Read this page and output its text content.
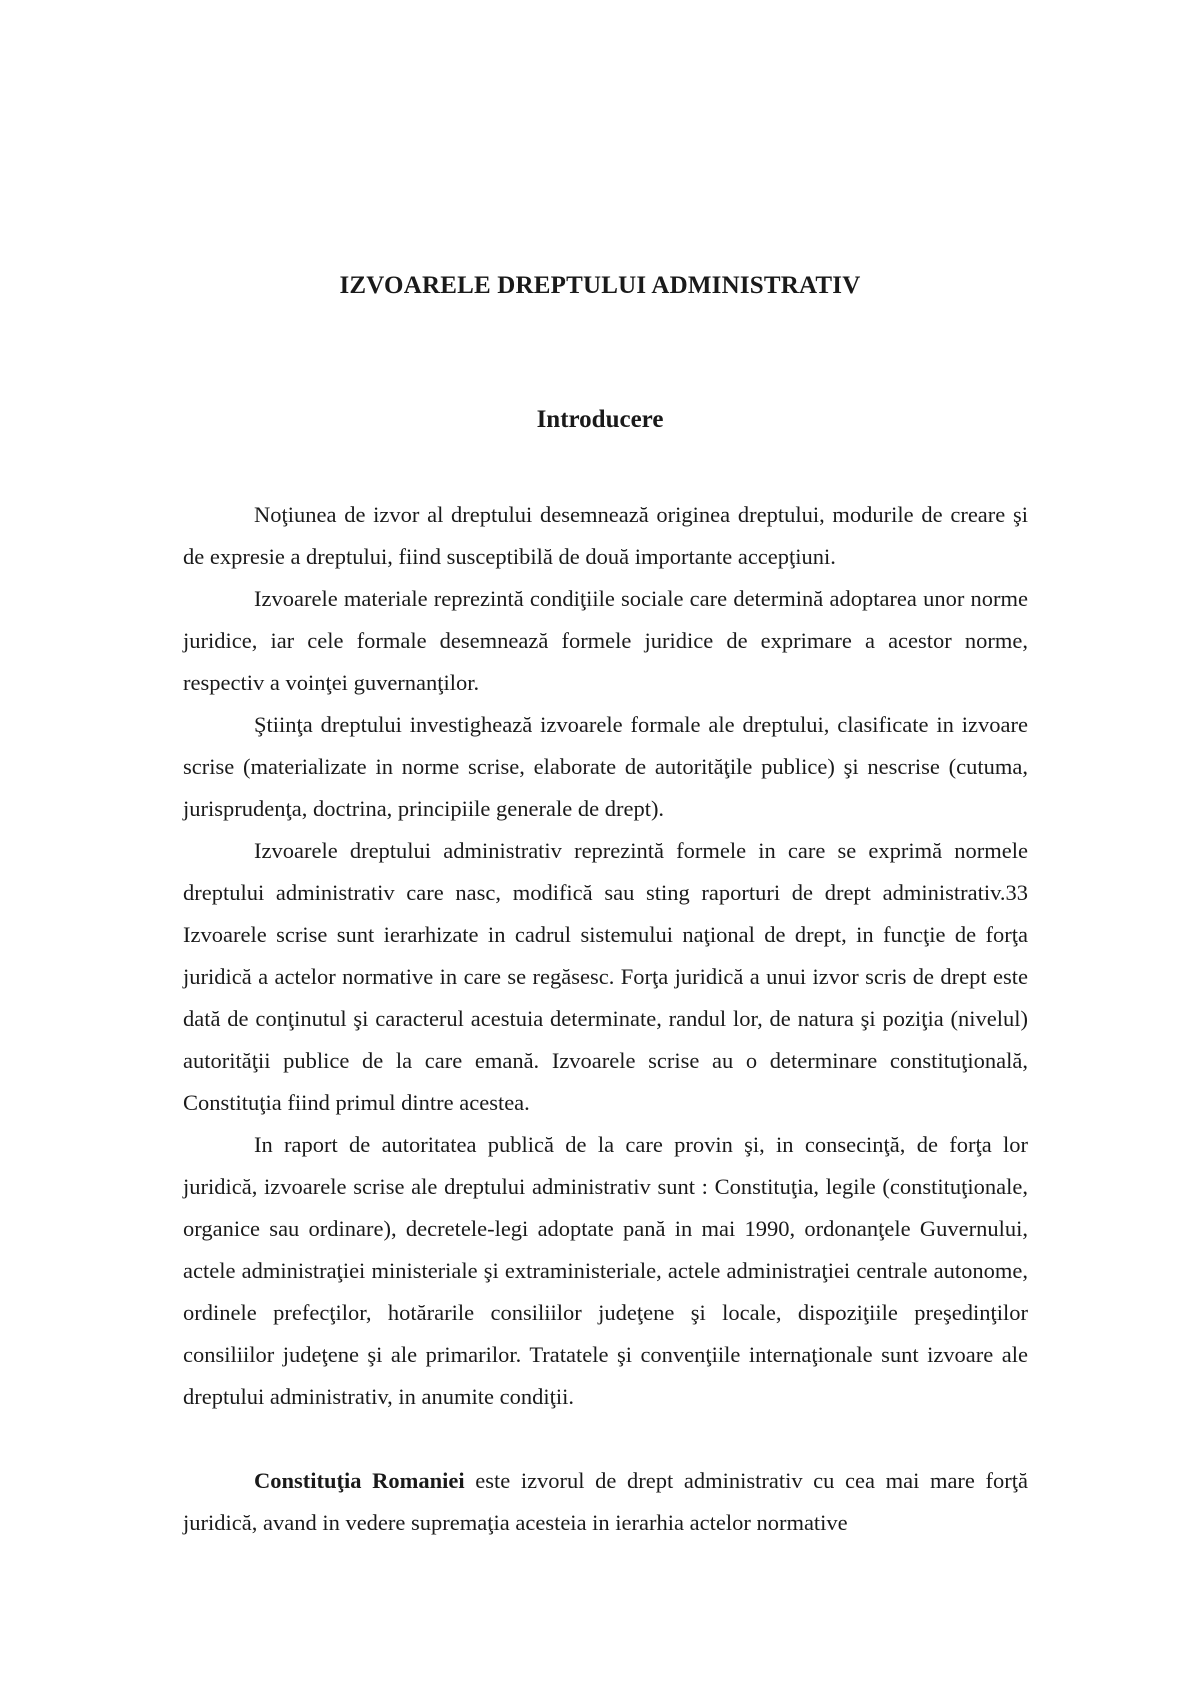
IZVOARELE DREPTULUI ADMINISTRATIV
Introducere

Noţiunea de izvor al dreptului desemnează originea dreptului, modurile de creare şi de expresie a dreptului, fiind susceptibilă de două importante accepţiuni.

Izvoarele materiale reprezintă condiţiile sociale care determină adoptarea unor norme juridice, iar cele formale desemnează formele juridice de exprimare a acestor norme, respectiv a voinţei guvernanţilor.

Ştiinţa dreptului investighează izvoarele formale ale dreptului, clasificate in izvoare scrise (materializate in norme scrise, elaborate de autorităţile publice) şi nescrise (cutuma, jurisprudenţa, doctrina, principiile generale de drept).

Izvoarele dreptului administrativ reprezintă formele in care se exprimă normele dreptului administrativ care nasc, modifică sau sting raporturi de drept administrativ.33 Izvoarele scrise sunt ierarhizate in cadrul sistemului naţional de drept, in funcţie de forţa juridică a actelor normative in care se regăsesc. Forţa juridică a unui izvor scris de drept este dată de conţinutul şi caracterul acestuia determinate, randul lor, de natura şi poziţia (nivelul) autorităţii publice de la care emană. Izvoarele scrise au o determinare constituţională, Constituţia fiind primul dintre acestea.

In raport de autoritatea publică de la care provin şi, in consecinţă, de forţa lor juridică, izvoarele scrise ale dreptului administrativ sunt : Constituţia, legile (constituţionale, organice sau ordinare), decretele-legi adoptate pană in mai 1990, ordonanţele Guvernului, actele administraţiei ministeriale şi extraministeriale, actele administraţiei centrale autonome, ordinele prefecţilor, hotărarile consiliilor judeţene şi locale, dispoziţiile preşedinţilor consiliilor judeţene şi ale primarilor. Tratatele şi convenţiile internaţionale sunt izvoare ale dreptului administrativ, in anumite condiţii.

Constituţia Romaniei este izvorul de drept administrativ cu cea mai mare forţă juridică, avand in vedere supremaţia acesteia in ierarhia actelor normative
